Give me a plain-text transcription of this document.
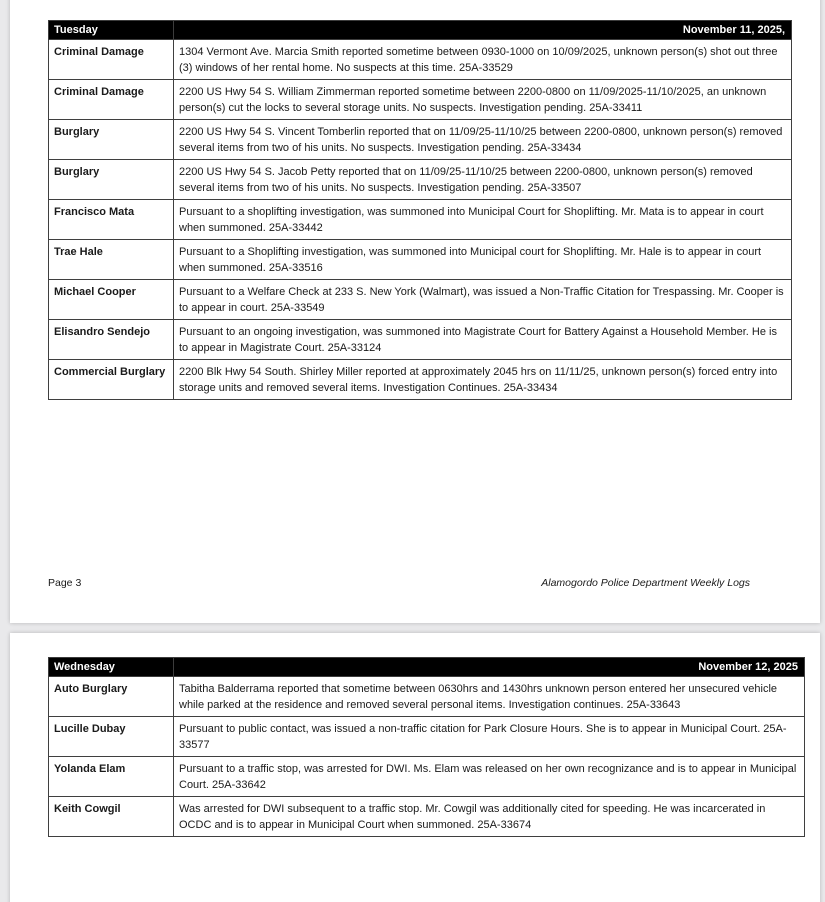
Tuesday	November 11, 2025,
Criminal Damage	1304 Vermont Ave. Marcia Smith reported sometime between 0930-1000 on 10/09/2025, unknown person(s) shot out three (3) windows of her rental home. No suspects at this time. 25A-33529
Criminal Damage	2200 US Hwy 54 S. William Zimmerman reported sometime between 2200-0800 on 11/09/2025-11/10/2025, an unknown person(s) cut the locks to several storage units. No suspects. Investigation pending. 25A-33411
Burglary	2200 US Hwy 54 S. Vincent Tomberlin reported that on 11/09/25-11/10/25 between 2200-0800, unknown person(s) removed several items from two of his units. No suspects. Investigation pending. 25A-33434
Burglary	2200 US Hwy 54 S. Jacob Petty reported that on 11/09/25-11/10/25 between 2200-0800, unknown person(s) removed several items from two of his units. No suspects. Investigation pending. 25A-33507
Francisco Mata	Pursuant to a shoplifting investigation, was summoned into Municipal Court for Shoplifting. Mr. Mata is to appear in court when summoned. 25A-33442
Trae Hale	Pursuant to a Shoplifting investigation, was summoned into Municipal court for Shoplifting. Mr. Hale is to appear in court when summoned. 25A-33516
Michael Cooper	Pursuant to a Welfare Check at 233 S. New York (Walmart), was issued a Non-Traffic Citation for Trespassing. Mr. Cooper is to appear in court. 25A-33549
Elisandro Sendejo	Pursuant to an ongoing investigation, was summoned into Magistrate Court for Battery Against a Household Member. He is to appear in Magistrate Court. 25A-33124
Commercial Burglary	2200 Blk Hwy 54 South. Shirley Miller reported at approximately 2045 hrs on 11/11/25, unknown person(s) forced entry into storage units and removed several items. Investigation Continues. 25A-33434
Page 3	Alamogordo Police Department Weekly Logs
Wednesday	November 12, 2025
Auto Burglary	Tabitha Balderrama reported that sometime between 0630hrs and 1430hrs unknown person entered her unsecured vehicle while parked at the residence and removed several personal items. Investigation continues. 25A-33643
Lucille Dubay	Pursuant to public contact, was issued a non-traffic citation for Park Closure Hours. She is to appear in Municipal Court. 25A-33577
Yolanda Elam	Pursuant to a traffic stop, was arrested for DWI. Ms. Elam was released on her own recognizance and is to appear in Municipal Court. 25A-33642
Keith Cowgil	Was arrested for DWI subsequent to a traffic stop. Mr. Cowgil was additionally cited for speeding. He was incarcerated in OCDC and is to appear in Municipal Court when summoned. 25A-33674
